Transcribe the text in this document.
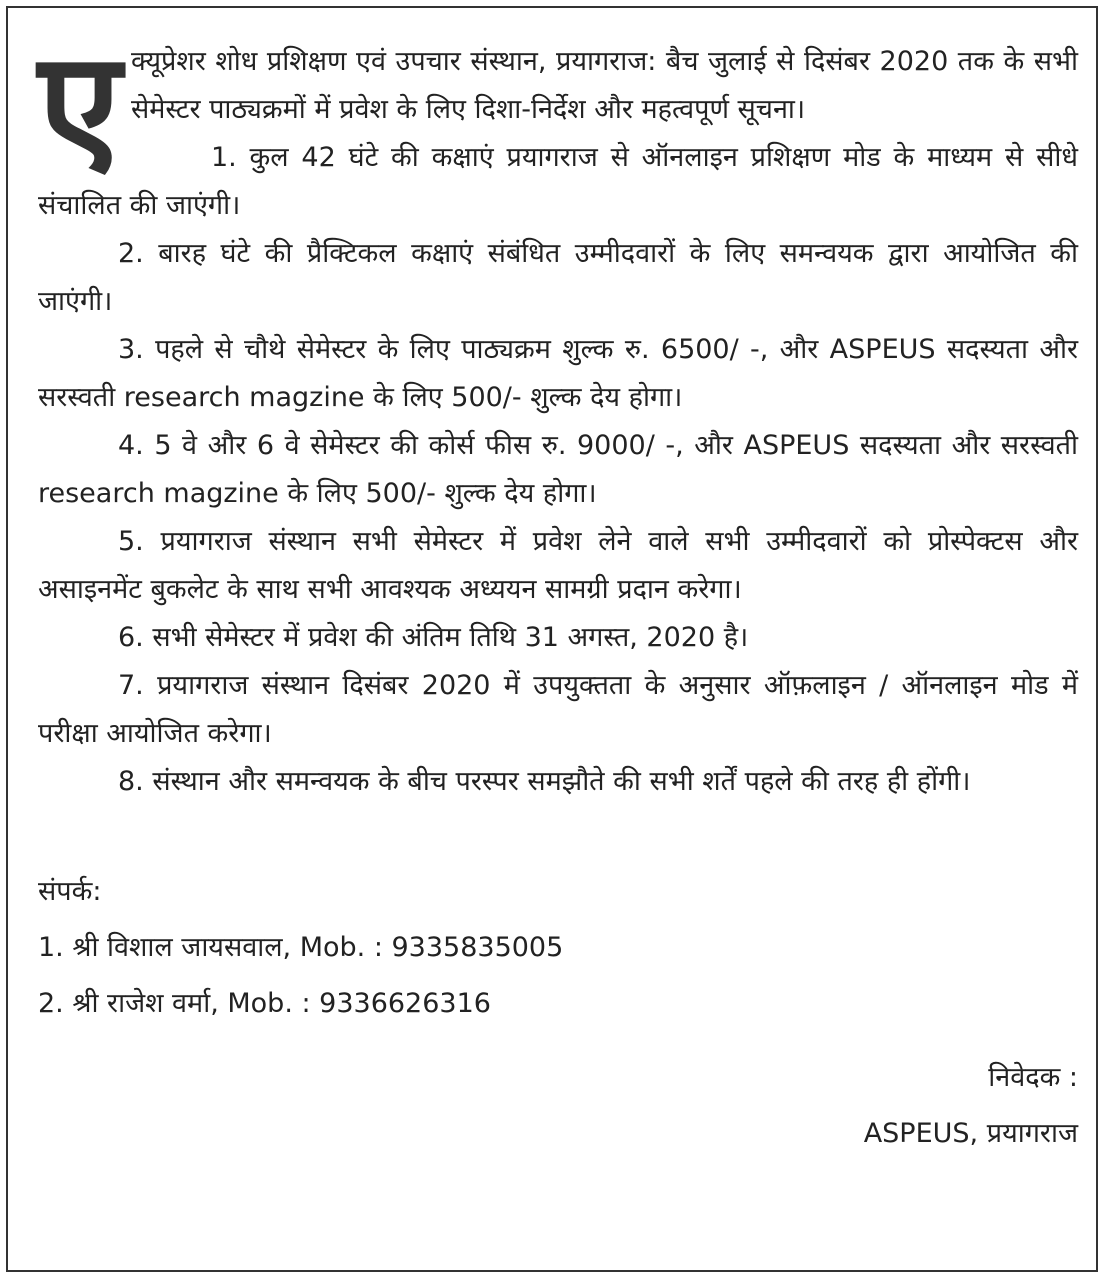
ए क्यूप्रेशर शोध प्रशिक्षण एवं उपचार संस्थान, प्रयागराज: बैच जुलाई से दिसंबर 2020 तक के सभी सेमेस्टर पाठ्यक्रमों में प्रवेश के लिए दिशा-निर्देश और महत्वपूर्ण सूचना।

1. कुल 42 घंटे की कक्षाएं प्रयागराज से ऑनलाइन प्रशिक्षण मोड के माध्यम से सीधे संचालित की जाएंगी।

2. बारह घंटे की प्रैक्टिकल कक्षाएं संबंधित उम्मीदवारों के लिए समन्वयक द्वारा आयोजित की जाएंगी।

3. पहले से चौथे सेमेस्टर के लिए पाठ्यक्रम शुल्क रु. 6500/ -, और ASPEUS सदस्यता और सरस्वती research magzine के लिए 500/- शुल्क देय होगा।

4. 5 वे और 6 वे सेमेस्टर की कोर्स फीस रु. 9000/ -, और ASPEUS सदस्यता और सरस्वती research magzine के लिए 500/- शुल्क देय होगा।

5. प्रयागराज संस्थान सभी सेमेस्टर में प्रवेश लेने वाले सभी उम्मीदवारों को प्रोस्पेक्टस और असाइनमेंट बुकलेट के साथ सभी आवश्यक अध्ययन सामग्री प्रदान करेगा।

6. सभी सेमेस्टर में प्रवेश की अंतिम तिथि 31 अगस्त, 2020 है।

7. प्रयागराज संस्थान दिसंबर 2020 में उपयुक्तता के अनुसार ऑफ़लाइन / ऑनलाइन मोड में परीक्षा आयोजित करेगा।

8. संस्थान और समन्वयक के बीच परस्पर समझौते की सभी शर्तें पहले की तरह ही होंगी।

संपर्क:

1. श्री विशाल जायसवाल, Mob. : 9335835005

2. श्री राजेश वर्मा, Mob. : 9336626316

निवेदक :

ASPEUS, प्रयागराज
